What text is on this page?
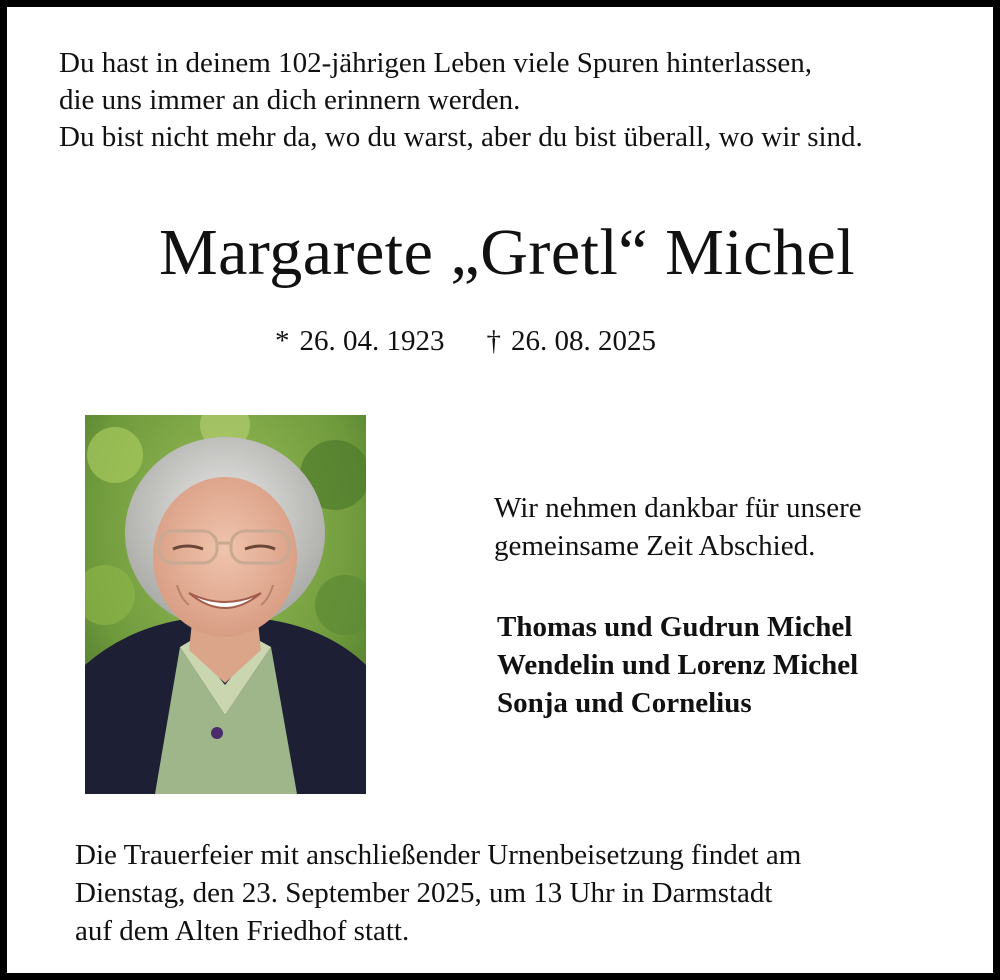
Du hast in deinem 102-jährigen Leben viele Spuren hinterlassen,
die uns immer an dich erinnern werden.
Du bist nicht mehr da, wo du warst, aber du bist überall, wo wir sind.
Margarete „Gretl“ Michel
* 26. 04. 1923 † 26. 08. 2025
Wir nehmen dankbar für unsere
gemeinsame Zeit Abschied.
Thomas und Gudrun Michel
Wendelin und Lorenz Michel
Sonja und Cornelius
Die Trauerfeier mit anschließender Urnenbeisetzung findet am
Dienstag, den 23. September 2025, um 13 Uhr in Darmstadt
auf dem Alten Friedhof statt.
